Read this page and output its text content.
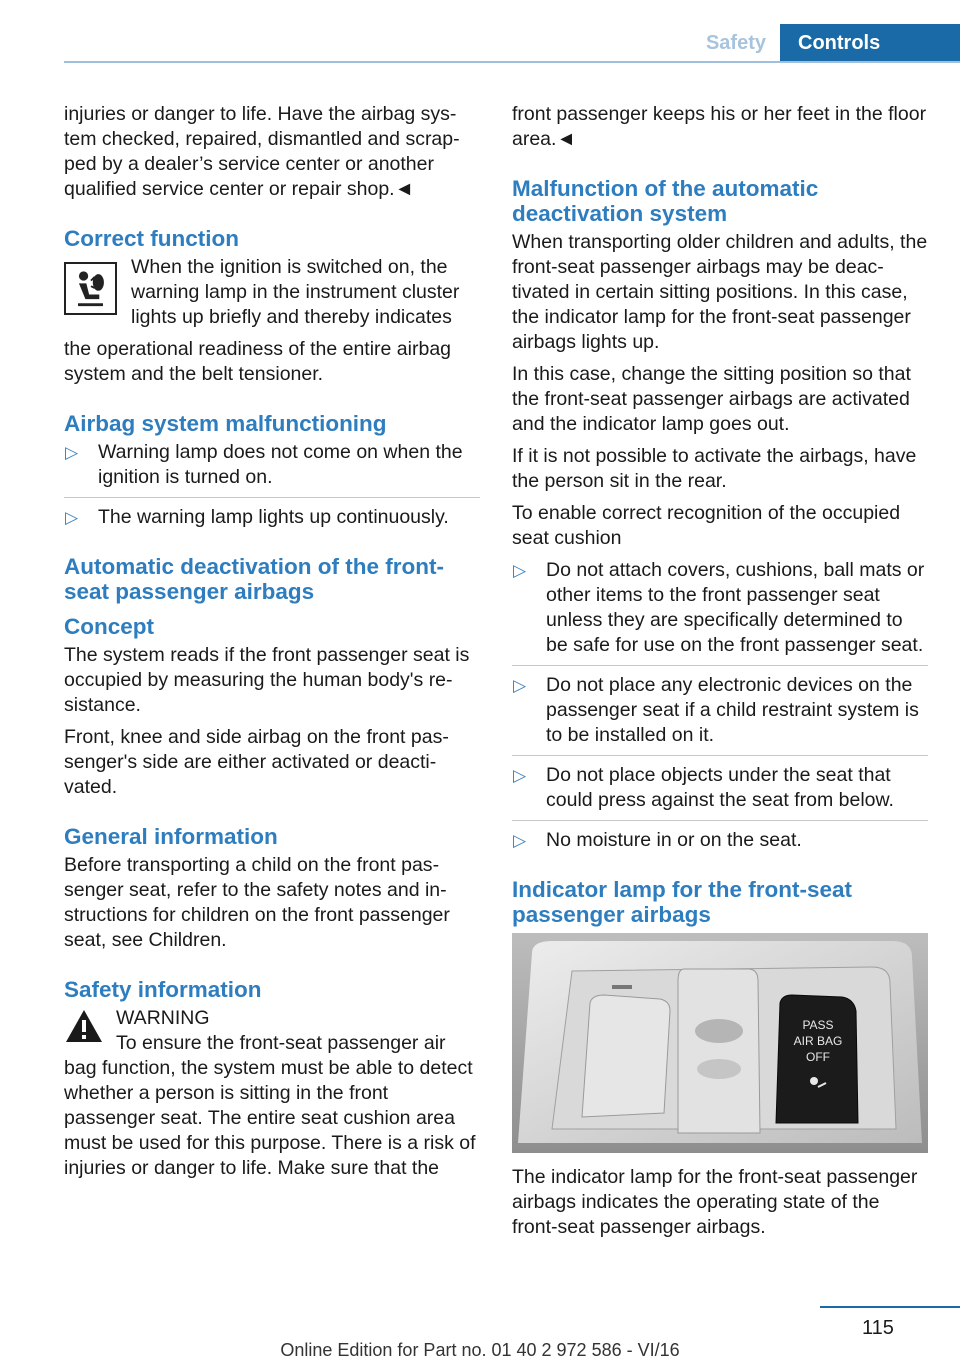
Safety	Controls

injuries or danger to life. Have the airbag system checked, repaired, dismantled and scrapped by a dealer’s service center or another qualified service center or repair shop.◄

Correct function

When the ignition is switched on, the warning lamp in the instrument cluster lights up briefly and thereby indicates

the operational readiness of the entire airbag system and the belt tensioner.

Airbag system malfunctioning
▷ Warning lamp does not come on when the ignition is turned on.
▷ The warning lamp lights up continuously.
Automatic deactivation of the front-seat passenger airbags
Concept

The system reads if the front passenger seat is occupied by measuring the human body's resistance.

Front, knee and side airbag on the front passenger's side are either activated or deactivated.

General information

Before transporting a child on the front passenger seat, refer to the safety notes and instructions for children on the front passenger seat, see Children.

Safety information

WARNING

To ensure the front-seat passenger air

bag function, the system must be able to detect whether a person is sitting in the front passenger seat. The entire seat cushion area must be used for this purpose. There is a risk of injuries or danger to life. Make sure that the

front passenger keeps his or her feet in the floor area.◄

Malfunction of the automatic deactivation system

When transporting older children and adults, the front-seat passenger airbags may be deactivated in certain sitting positions. In this case, the indicator lamp for the front-seat passenger airbags lights up.

In this case, change the sitting position so that the front-seat passenger airbags are activated and the indicator lamp goes out.

If it is not possible to activate the airbags, have the person sit in the rear.

To enable correct recognition of the occupied seat cushion

▷ Do not attach covers, cushions, ball mats or other items to the front passenger seat unless they are specifically determined to be safe for use on the front passenger seat.
▷ Do not place any electronic devices on the passenger seat if a child restraint system is to be installed on it.
▷ Do not place objects under the seat that could press against the seat from below.
▷ No moisture in or on the seat.
Indicator lamp for the front-seat passenger airbags
PASS
AIR BAG
OFF

The indicator lamp for the front-seat passenger airbags indicates the operating state of the front-seat passenger airbags.

115
Online Edition for Part no. 01 40 2 972 586 - VI/16
